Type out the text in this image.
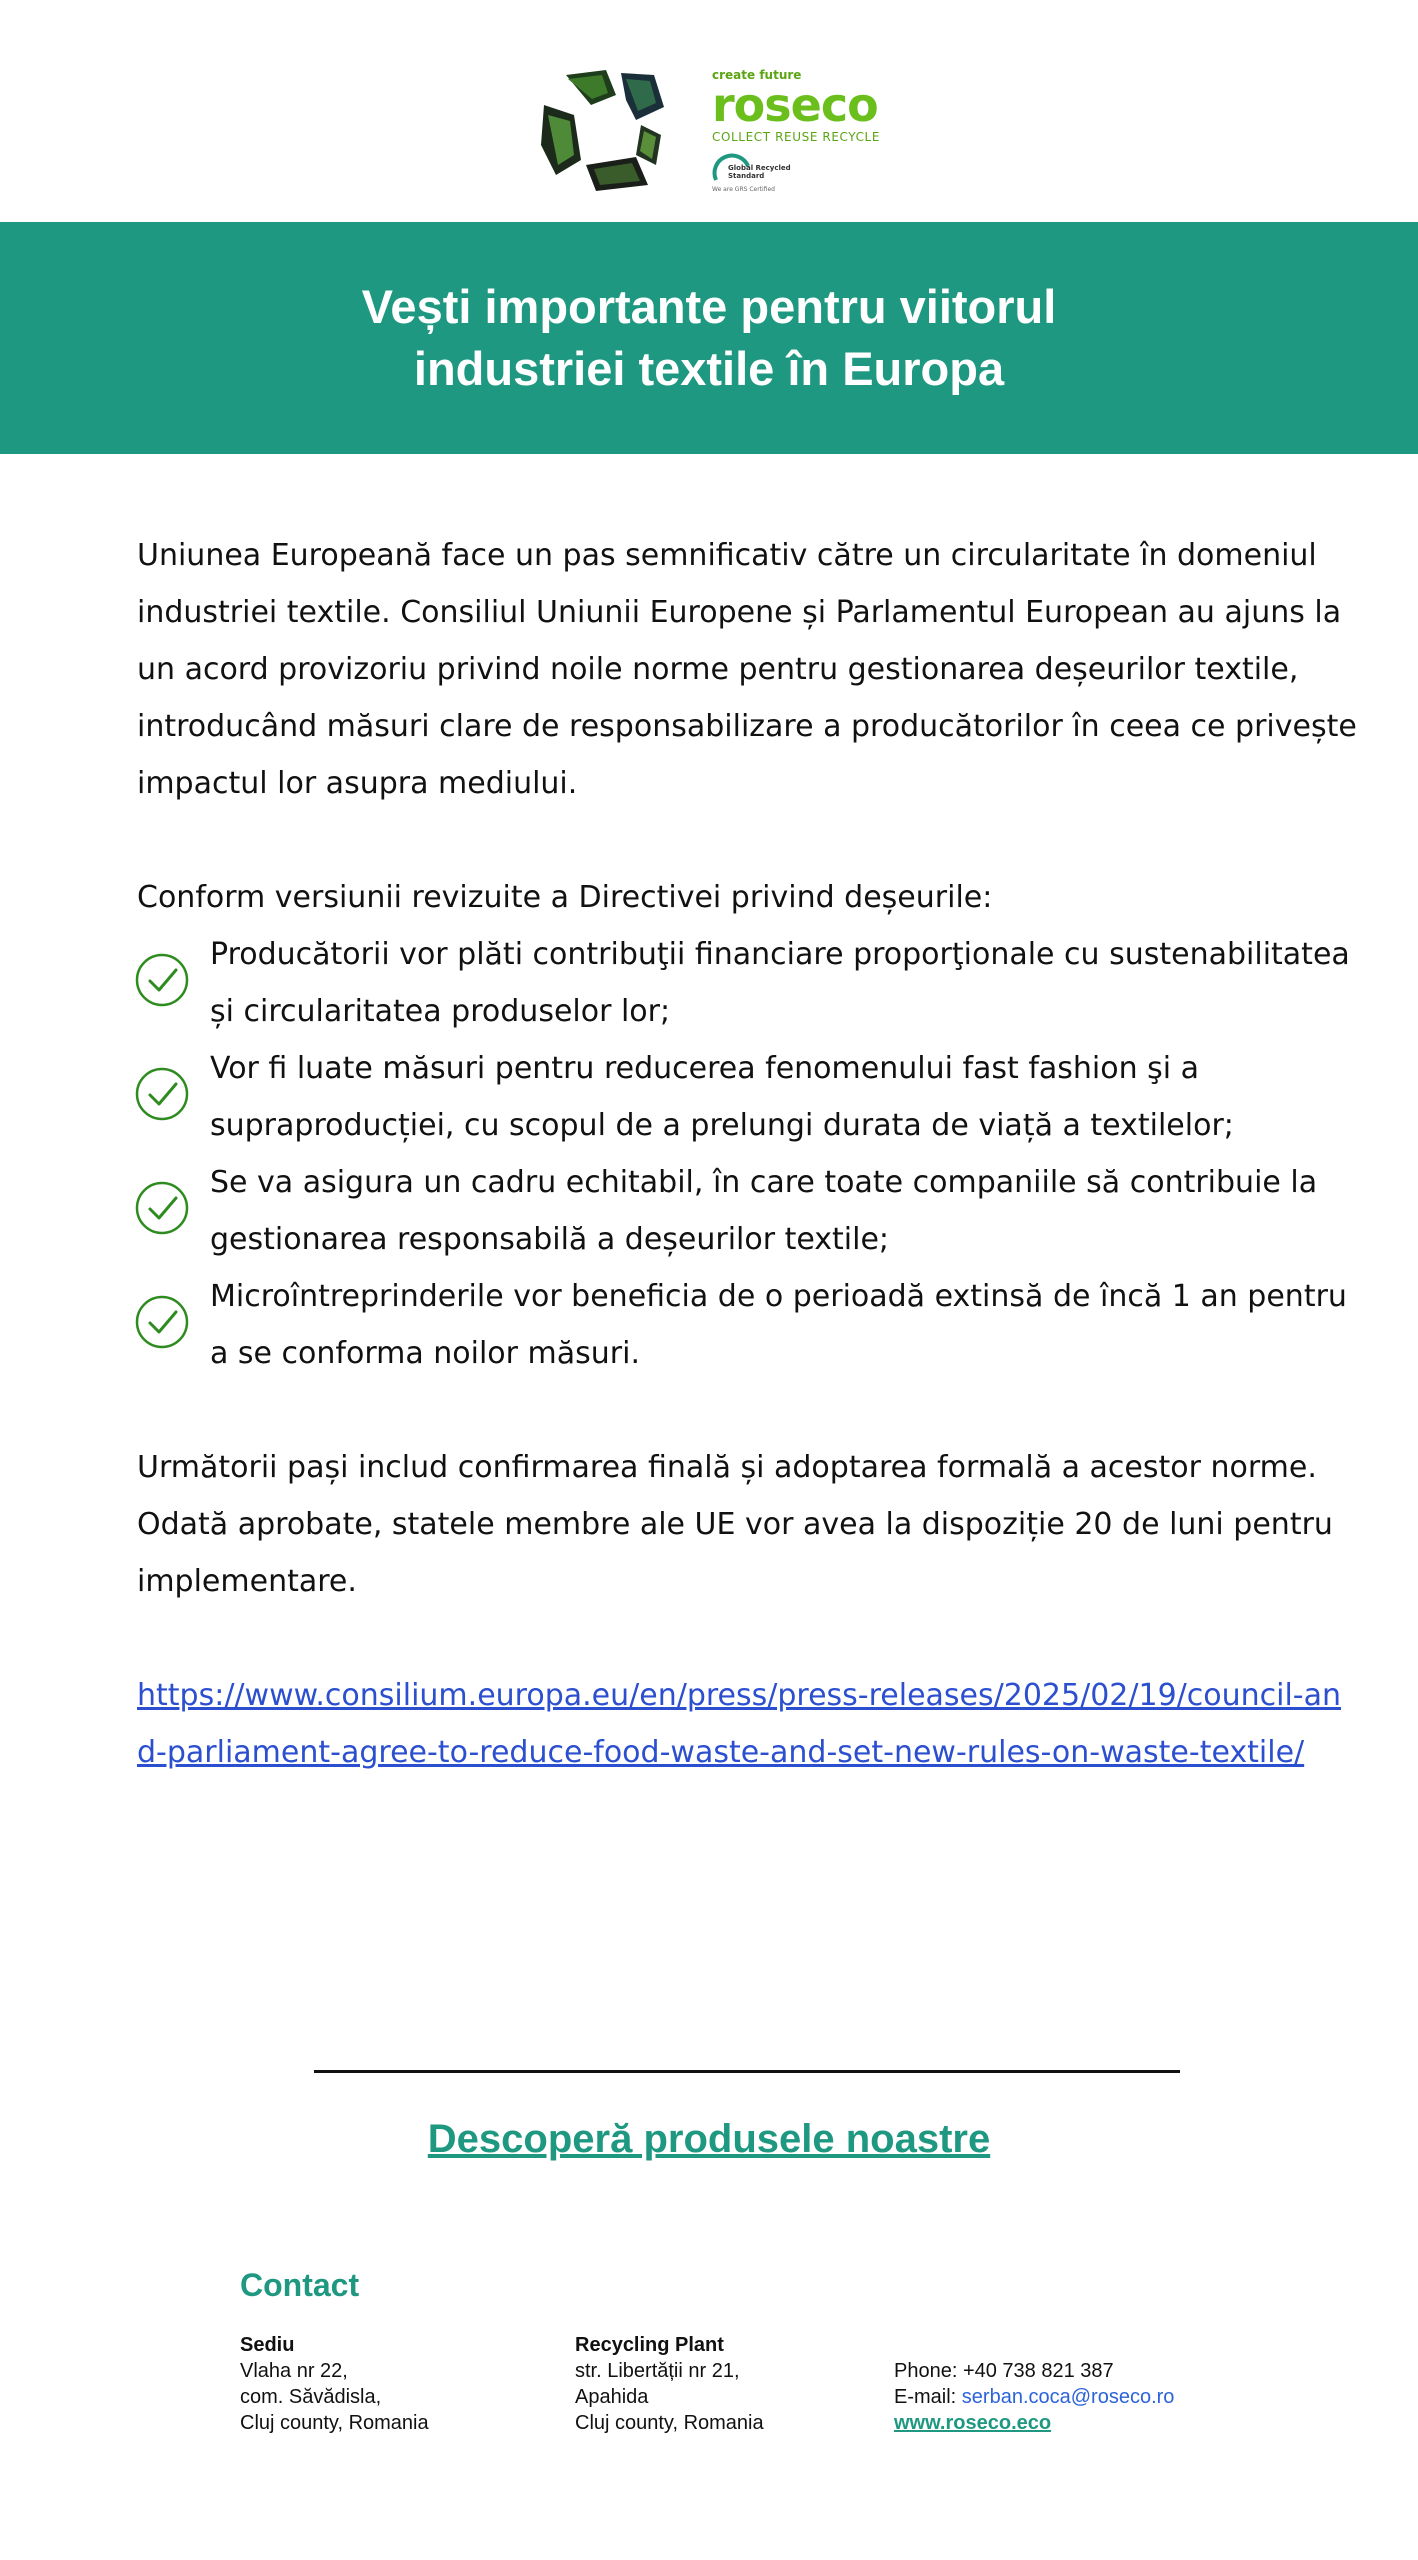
create future
roseco
COLLECT REUSE RECYCLE
Global Recycled Standard
We are GRS Certified
Vești importante pentru viitorul
industriei textile în Europa

Uniunea Europeană face un pas semnificativ către un circularitate în domeniul industriei textile. Consiliul Uniunii Europene și Parlamentul European au ajuns la un acord provizoriu privind noile norme pentru gestionarea deșeurilor textile, introducând măsuri clare de responsabilizare a producătorilor în ceea ce privește impactul lor asupra mediului.

Conform versiunii revizuite a Directivei privind deșeurile:

Producătorii vor plăti contribuţii financiare proporţionale cu sustenabilitatea și circularitatea produselor lor;
Vor fi luate măsuri pentru reducerea fenomenului fast fashion şi a supraproducției, cu scopul de a prelungi durata de viață a textilelor;
Se va asigura un cadru echitabil, în care toate companiile să contribuie la gestionarea responsabilă a deșeurilor textile;
Microîntreprinderile vor beneficia de o perioadă extinsă de încă 1 an pentru a se conforma noilor măsuri.

Următorii pași includ confirmarea finală și adoptarea formală a acestor norme. Odată aprobate, statele membre ale UE vor avea la dispoziție 20 de luni pentru implementare.

https://www.consilium.europa.eu/en/press/press-releases/2025/02/19/council-and-parliament-agree-to-reduce-food-waste-and-set-new-rules-on-waste-textile/
Descoperă produsele noastre
Contact
Sediu
Vlaha nr 22,
com. Săvădisla,
Cluj county, Romania
Recycling Plant
str. Libertății nr 21,
Apahida
Cluj county, Romania
Phone: +40 738 821 387
E-mail: serban.coca@roseco.ro
www.roseco.eco
